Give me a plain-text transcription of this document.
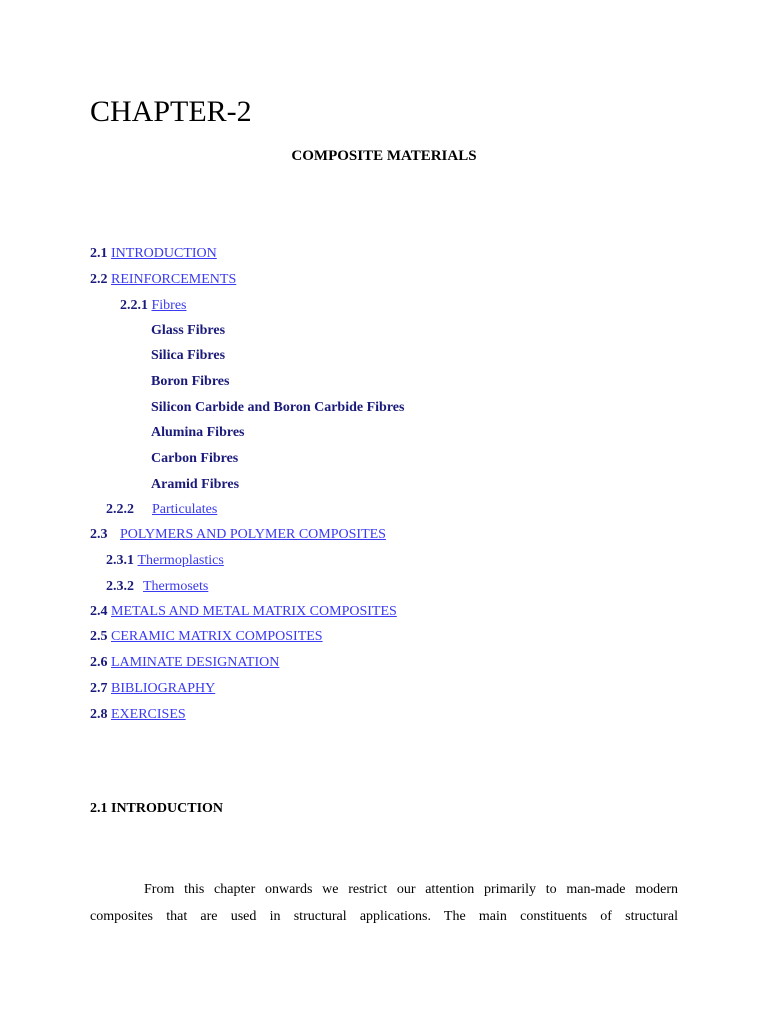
CHAPTER-2
COMPOSITE MATERIALS
2.1 INTRODUCTION
2.2 REINFORCEMENTS
2.2.1 Fibres
Glass Fibres
Silica Fibres
Boron Fibres
Silicon Carbide and Boron Carbide Fibres
Alumina Fibres
Carbon Fibres
Aramid Fibres
2.2.2 Particulates
2.3 POLYMERS AND POLYMER COMPOSITES
2.3.1 Thermoplastics
2.3.2Thermosets
2.4 METALS AND METAL MATRIX COMPOSITES
2.5 CERAMIC MATRIX COMPOSITES
2.6 LAMINATE DESIGNATION
2.7 BIBLIOGRAPHY
2.8 EXERCISES
2.1 INTRODUCTION
From this chapter onwards we restrict our attention primarily to man-made modern
composites that are used in structural applications. The main constituents of structural
